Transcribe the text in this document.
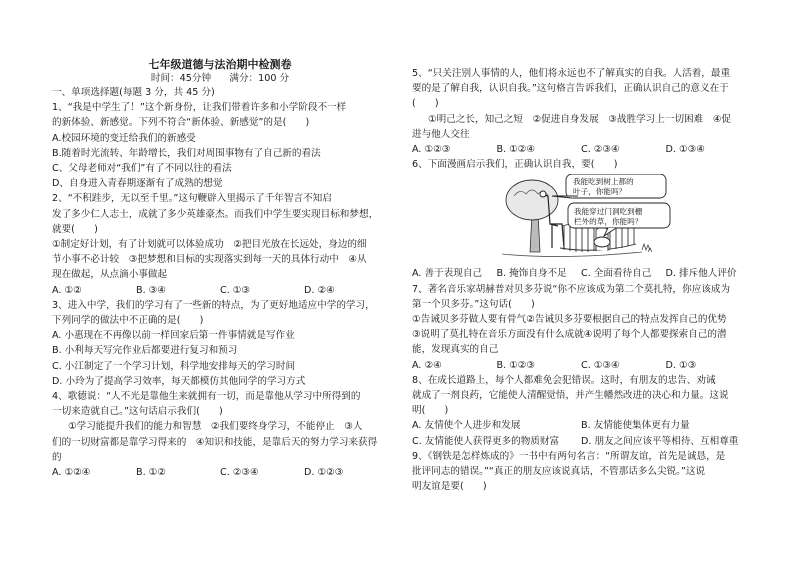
七年级道德与法治期中检测卷

时间：45分钟 满分：100 分

一、单项选择题(每题 3 分，共 45 分)

1、“我是中学生了！”这个新身份，让我们带着许多和小学阶段不一样

的新体验、新感觉。下列不符合“新体验、新感觉”的是(　　)

A.校园环境的变迁给我们的新感受

B.随着时光流转、年龄增长，我们对周围事物有了自己新的看法

C、父母老师对“我们”有了不同以往的看法

D、自身进入青春期逐渐有了成熟的想觉

2、“不积跬步，无以至千里。”这句鞭辟入里揭示了千年智言不知启

发了多少仁人志士，成就了多少英雄豪杰。而我们中学生要实现目标和梦想，

就要(　　)

①制定好计划，有了计划就可以体验成功　②把目光放在长远处，身边的细

节小事不必计较　③把梦想和目标的实现落实到每一天的具体行动中　④从

现在做起，从点滴小事做起

A. ①②	B. ③④	C. ①③	D. ②④

3、进入中学，我们的学习有了一些新的特点，为了更好地适应中学的学习，

下列同学的做法中不正确的是(　　)

A. 小惠现在不再像以前一样回家后第一件事情就是写作业

B. 小利每天写完作业后都要进行复习和预习

C. 小江制定了一个学习计划，科学地安排每天的学习时间

D. 小玲为了提高学习效率，每天都模仿其他同学的学习方式

4、歌德说：“人不光是靠他生来就拥有一切，而是靠他从学习中所得到的

一切来造就自己。”这句话启示我们(　　)

①学习能提升我们的能力和智慧　②我们要终身学习，不能停止　③人

们的一切财富都是靠学习得来的　④知识和技能，是靠后天的努力学习来获得

的

A. ①②④	B. ①②	C. ②③④	D. ①②③

5、“只关注别人事情的人，他们将永远也不了解真实的自我。人活着，最重

要的是了解自我，认识自我。”这句格言告诉我们，正确认识自己的意义在于

(　　)

①明己之长，知己之短　②促进自身发展　③战胜学习上一切困难　④促

进与他人交往

A. ①②③	B. ①②④	C. ②③④	D. ①③④

6、下面漫画启示我们，正确认识自我，要(　　)

我能吃到树上都的
叶子，你能吗？
我能穿过门洞吃到栅
栏外的草，你能吗？

A. 善于表现自己	B. 掩饰自身不足	C. 全面看待自己	D. 排斥他人评价

7、著名音乐家胡赫普对贝多芬说“你不应该成为第二个莫扎特，你应该成为

第一个贝多芬。”这句话(　　)

①告诫贝多芬做人要有骨气②告诫贝多芬要根据自己的特点发挥自己的优势

③说明了莫扎特在音乐方面没有什么成就④说明了每个人都要探索自己的潜

能，发现真实的自己

A. ②④	B. ①②③	C. ①③④	D. ①③

8、在成长道路上，每个人都难免会犯错误。这时，有朋友的忠告、劝诫

就成了一剂良药，它能使人清醒觉悟，并产生幡然改进的决心和力量。这说

明(　　)

A. 友情使个人进步和发展	B. 友情能使集体更有力量

C. 友情能使人获得更多的物质财富	D. 朋友之间应该平等相待、互相尊重

9、《钢铁是怎样炼成的》一书中有两句名言：“所谓友谊，首先是诚恳，是

批评同志的错误。”“真正的朋友应该说真话，不管那话多么尖锐。”这说

明友谊是要(　　)
